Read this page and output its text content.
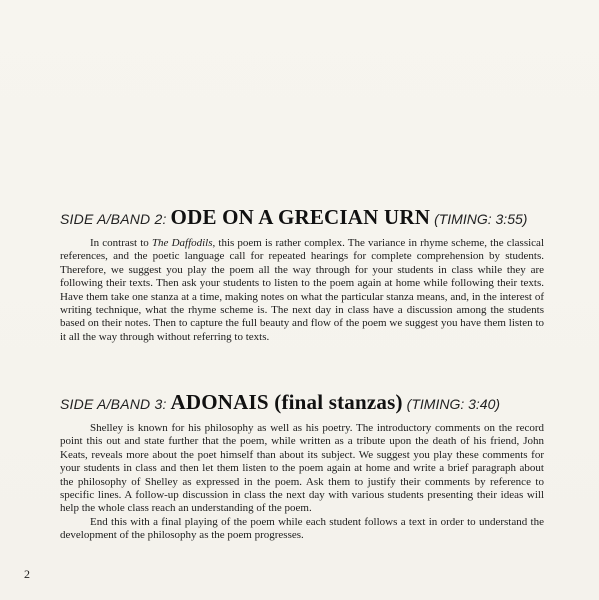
SIDE A/BAND 2: ODE ON A GRECIAN URN (TIMING: 3:55)

In contrast to The Daffodils, this poem is rather complex. The variance in rhyme scheme, the classical references, and the poetic language call for repeated hearings for complete comprehension by students. Therefore, we suggest you play the poem all the way through for your students in class while they are following their texts. Then ask your students to listen to the poem again at home while following their texts. Have them take one stanza at a time, making notes on what the particular stanza means, and, in the interest of writing technique, what the rhyme scheme is. The next day in class have a discussion among the students based on their notes. Then to capture the full beauty and flow of the poem we suggest you have them listen to it all the way through without referring to texts.

SIDE A/BAND 3: ADONAIS (final stanzas) (TIMING: 3:40)

Shelley is known for his philosophy as well as his poetry. The introductory comments on the record point this out and state further that the poem, while written as a tribute upon the death of his friend, John Keats, reveals more about the poet himself than about its subject. We suggest you play these comments for your students in class and then let them listen to the poem again at home and write a brief paragraph about the philosophy of Shelley as expressed in the poem. Ask them to justify their comments by reference to specific lines. A follow-up discussion in class the next day with various students presenting their ideas will help the whole class reach an understanding of the poem.

End this with a final playing of the poem while each student follows a text in order to understand the development of the philosophy as the poem progresses.

2
